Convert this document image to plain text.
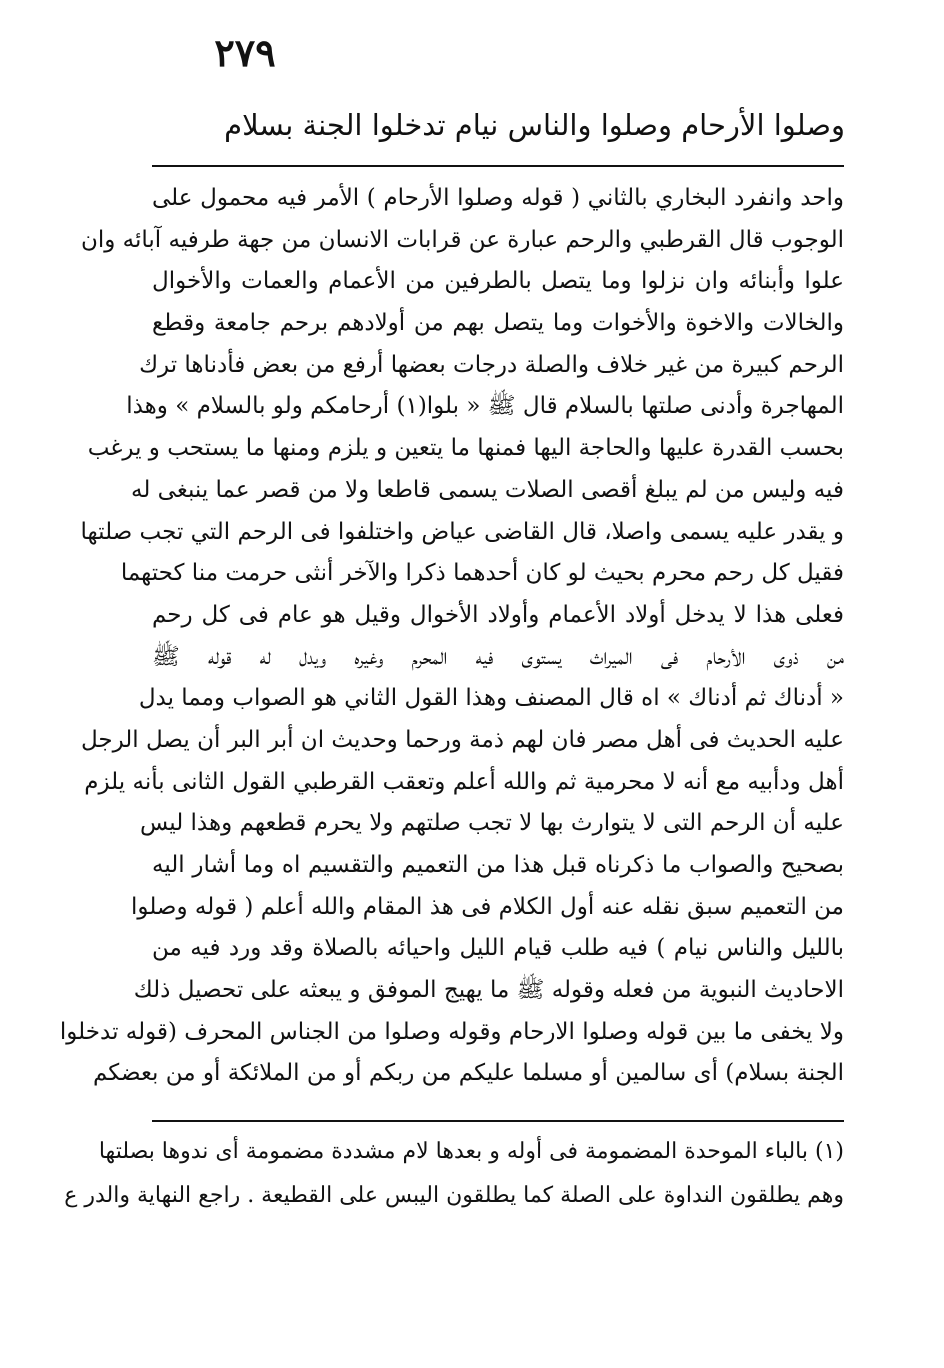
٢٧٩
وصلوا الأرحام وصلوا والناس نيام تدخلوا الجنة بسلام
واحد وانفرد البخاري بالثاني ( قوله وصلوا الأرحام ) الأمر فيه محمول على
الوجوب قال القرطبي والرحم عبارة عن قرابات الانسان من جهة طرفيه آبائه وان
علوا وأبنائه وان نزلوا وما يتصل بالطرفين من الأعمام والعمات والأخوال
والخالات والاخوة والأخوات وما يتصل بهم من أولادهم برحم جامعة وقطع
الرحم كبيرة من غير خلاف والصلة درجات بعضها أرفع من بعض فأدناها ترك
المهاجرة وأدنى صلتها بالسلام قال ﷺ « بلوا(١) أرحامكم ولو بالسلام » وهذا
بحسب القدرة عليها والحاجة اليها فمنها ما يتعين و يلزم ومنها ما يستحب و يرغب
فيه وليس من لم يبلغ أقصى الصلات يسمى قاطعا ولا من قصر عما ينبغى له
و يقدر عليه يسمى واصلا، قال القاضى عياض واختلفوا فى الرحم التي تجب صلتها
فقيل كل رحم محرم بحيث لو كان أحدهما ذكرا والآخر أنثى حرمت منا كحتهما
فعلى هذا لا يدخل أولاد الأعمام وأولاد الأخوال وقيل هو عام فى كل رحم
من ذوى الأرحام فى الميراث يستوى فيه المحرم وغيره ويدل له قوله ﷺ
« أدناك ثم أدناك » اه قال المصنف وهذا القول الثاني هو الصواب ومما يدل
عليه الحديث فى أهل مصر فان لهم ذمة ورحما وحديث ان أبر البر أن يصل الرجل
أهل ودأبيه مع أنه لا محرمية ثم والله أعلم وتعقب القرطبي القول الثانى بأنه يلزم
عليه أن الرحم التى لا يتوارث بها لا تجب صلتهم ولا يحرم قطعهم وهذا ليس
بصحيح والصواب ما ذكرناه قبل هذا من التعميم والتقسيم اه وما أشار اليه
من التعميم سبق نقله عنه أول الكلام فى هذ المقام والله أعلم ( قوله وصلوا
بالليل والناس نيام ) فيه طلب قيام الليل واحيائه بالصلاة وقد ورد فيه من
الاحاديث النبوية من فعله وقوله ﷺ ما يهيج الموفق و يبعثه على تحصيل ذلك
ولا يخفى ما بين قوله وصلوا الارحام وقوله وصلوا من الجناس المحرف (قوله تدخلوا
الجنة بسلام) أى سالمين أو مسلما عليكم من ربكم أو من الملائكة أو من بعضكم
(١) بالباء الموحدة المضمومة فى أوله و بعدها لام مشددة مضمومة أى ندوها بصلتها
وهم يطلقون النداوة على الصلة كما يطلقون اليبس على القطيعة . راجع النهاية والدر ع
